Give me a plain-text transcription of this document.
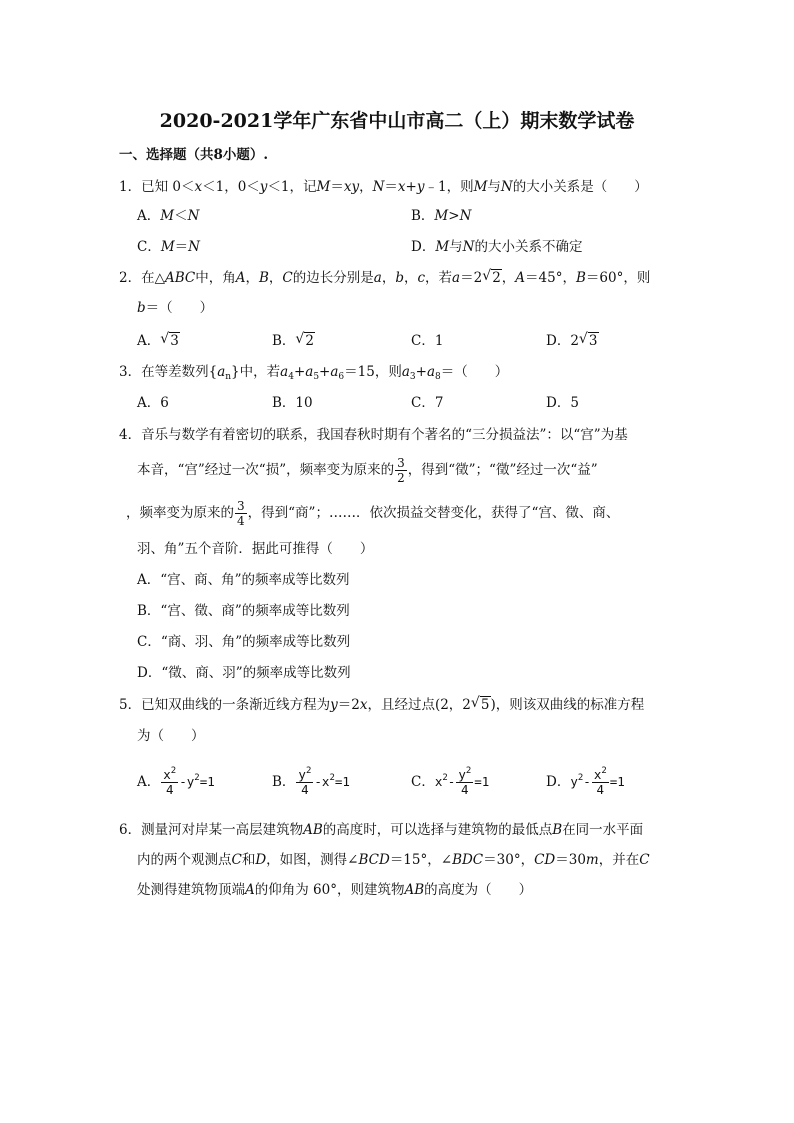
2020-2021学年广东省中山市高二（上）期末数学试卷
一、选择题（共8小题）.
1．已知 0＜x＜1，0＜y＜1，记M＝xy，N＝x+y﹣1，则M与N的大小关系是（　　）
A．M＜N	B．M>N
C．M＝N	D．M与N的大小关系不确定
2．在△ABC中，角A，B，C的边长分别是a，b，c，若a＝2 √ 2，A＝45°，B＝60°，则
b＝（　　）
A． √ 3	B． √ 2	C．1	D．2 √ 3
3．在等差数列$\{a_n\}$中，若$a_4+a_5+a_6=15$，则$a_3+a_8=$（　　）
A．6	B．10	C．7	D．5
4．音乐与数学有着密切的联系，我国春秋时期有个著名的“三分损益法”：以“宫”为基
本音，“宫”经过一次“损”，频率变为原来的 $\frac{3}{2}$ ，得到“徵”；“徵”经过一次“益”
，频率变为原来的 $\frac{3}{4}$ ，得到“商”；……．依次损益交替变化，获得了“宫、徵、商、
羽、角”五个音阶．据此可推得（　　）
A．“宫、商、角”的频率成等比数列
B．“宫、徵、商”的频率成等比数列
C．“商、羽、角”的频率成等比数列
D．“徵、商、羽”的频率成等比数列
5．已知双曲线的一条渐近线方程为y＝2x，且经过点(2，2 √ 5)，则该双曲线的标准方程
为（　　）
A． $\frac{x^2}{4} -y^2=1$	B． $\frac{y^2}{4} -x^2=1$	C．$x^2- \frac{y^2}{4} =1$	D．$y^2- \frac{x^2}{4} =1$
6．测量河对岸某一高层建筑物AB的高度时，可以选择与建筑物的最低点B在同一水平面
内的两个观测点C和D，如图，测得∠BCD＝15°，∠BDC＝30°，CD＝30m，并在C
处测得建筑物顶端A的仰角为 60°，则建筑物AB的高度为（　　）
